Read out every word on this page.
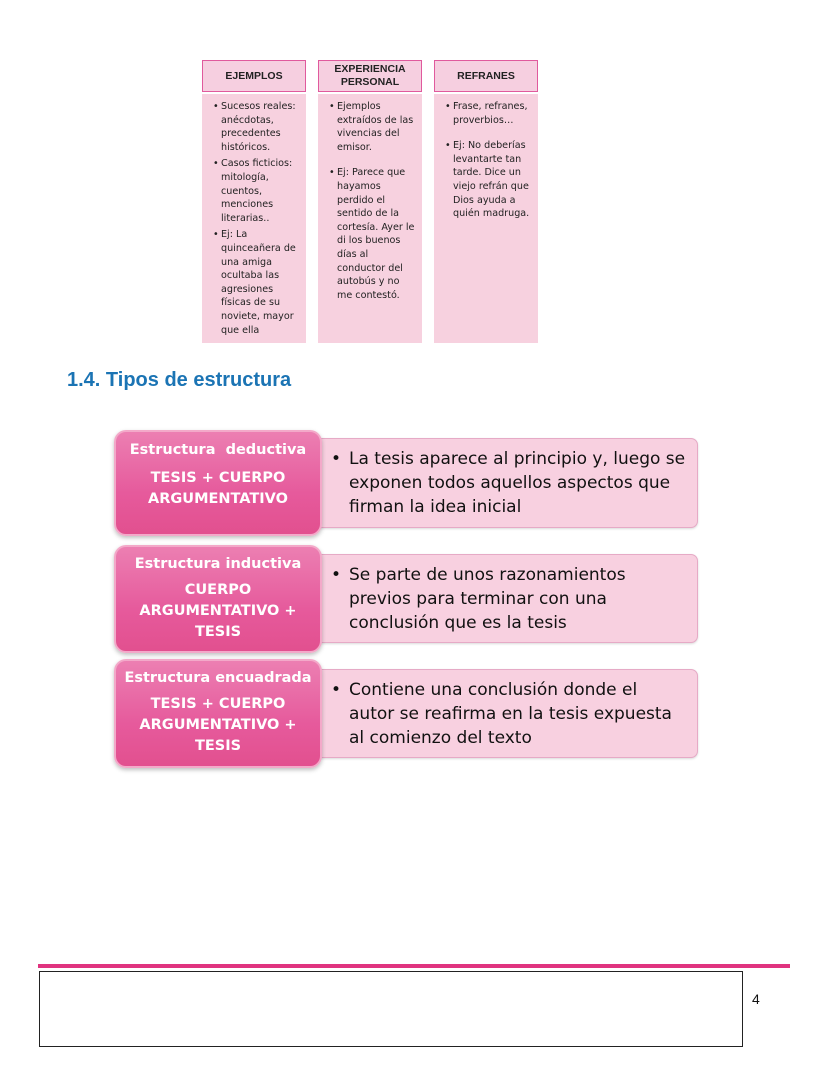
EJEMPLOS
• Sucesos reales: anécdotas, precedentes históricos.
• Casos ficticios: mitología, cuentos, menciones literarias..
• Ej: La quinceañera de una amiga ocultaba las agresiones físicas de su noviete, mayor que ella
EXPERIENCIA PERSONAL
• Ejemplos extraídos de las vivencias del emisor.
• Ej: Parece que hayamos perdido el sentido de la cortesía. Ayer le di los buenos días al conductor del autobús y no me contestó.
REFRANES
• Frase, refranes, proverbios…
• Ej: No deberías levantarte tan tarde. Dice un viejo refrán que Dios ayuda a quién madruga.
1.4. Tipos de estructura
• La tesis aparece al principio y, luego se exponen todos aquellos aspectos que firman la idea inicial
Estructura  deductiva
TESIS + CUERPO ARGUMENTATIVO
• Se parte de unos razonamientos previos para terminar con una conclusión que es la tesis
Estructura inductiva
CUERPO ARGUMENTATIVO + TESIS
• Contiene una conclusión donde el autor se reafirma en la tesis expuesta al comienzo del texto
Estructura encuadrada
TESIS + CUERPO ARGUMENTATIVO + TESIS
4
